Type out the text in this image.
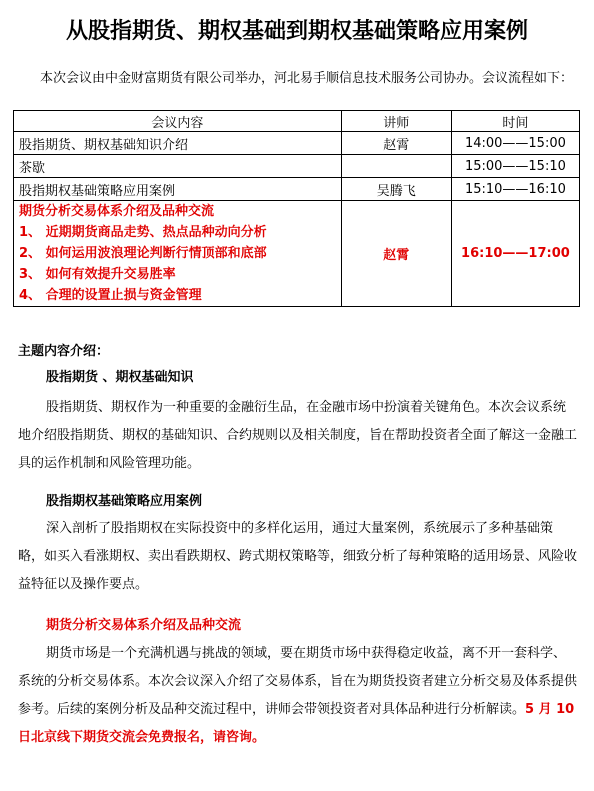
从股指期货、期权基础到期权基础策略应用案例
本次会议由中金财富期货有限公司举办，河北易手顺信息技术服务公司协办。会议流程如下：
会议内容	讲师	时间
股指期货、期权基础知识介绍	赵霄	14:00——15:00
茶歇		15:00——15:10
股指期权基础策略应用案例	吴腾飞	15:10——16:10

期货分析交易体系介绍及品种交流
1、 近期期货商品走势、热点品种动向分析
2、 如何运用波浪理论判断行情顶部和底部
3、 如何有效提升交易胜率
4、 合理的设置止损与资金管理	赵霄	16:10——17:00
主题内容介绍：
股指期货 、期权基础知识
股指期货、期权作为一种重要的金融衍生品，在金融市场中扮演着关键角色。本次会议系统地介绍股指期货、期权的基础知识、合约规则以及相关制度，旨在帮助投资者全面了解这一金融工具的运作机制和风险管理功能。
股指期权基础策略应用案例
深入剖析了股指期权在实际投资中的多样化运用，通过大量案例，系统展示了多种基础策略，如买入看涨期权、卖出看跌期权、跨式期权策略等，细致分析了每种策略的适用场景、风险收益特征以及操作要点。
期货分析交易体系介绍及品种交流
期货市场是一个充满机遇与挑战的领域，要在期货市场中获得稳定收益，离不开一套科学、系统的分析交易体系。本次会议深入介绍了交易体系，旨在为期货投资者建立分析交易及体系提供参考。后续的案例分析及品种交流过程中，讲师会带领投资者对具体品种进行分析解读。5 月 10 日北京线下期货交流会免费报名，请咨询。
